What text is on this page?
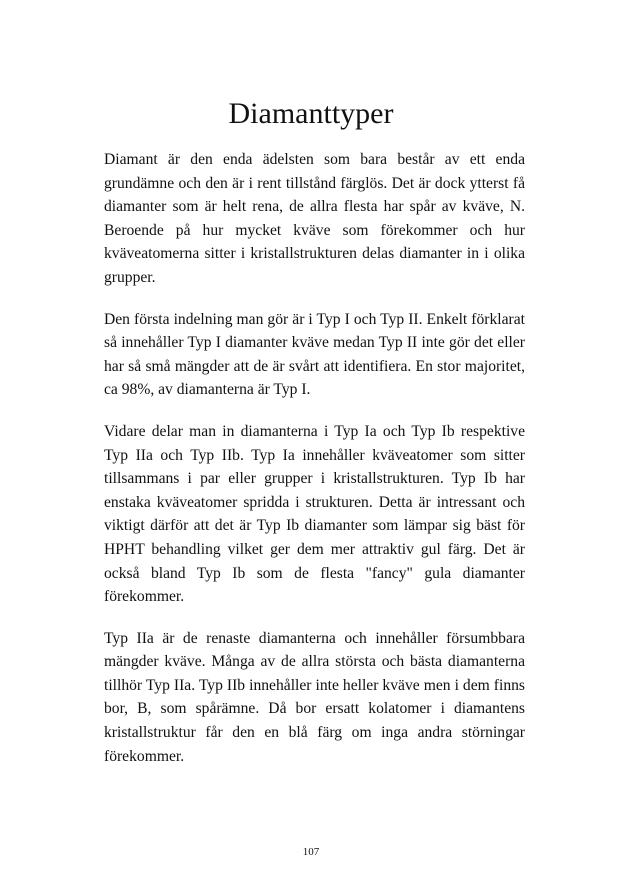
Diamanttyper

Diamant är den enda ädelsten som bara består av ett enda grundämne och den är i rent tillstånd färglös. Det är dock ytterst få diamanter som är helt rena, de allra flesta har spår av kväve, N. Beroende på hur mycket kväve som förekommer och hur kväveatomerna sitter i kristallstrukturen delas diamanter in i olika grupper.

Den första indelning man gör är i Typ I och Typ II. Enkelt förklarat så innehåller Typ I diamanter kväve medan Typ II inte gör det eller har så små mängder att de är svårt att identifiera. En stor majoritet, ca 98%, av diamanterna är Typ I.

Vidare delar man in diamanterna i Typ Ia och Typ Ib respektive Typ IIa och Typ IIb. Typ Ia innehåller kväveatomer som sitter tillsammans i par eller grupper i kristallstrukturen. Typ Ib har enstaka kväveatomer spridda i strukturen. Detta är intressant och viktigt därför att det är Typ Ib diamanter som lämpar sig bäst för HPHT behandling vilket ger dem mer attraktiv gul färg. Det är också bland Typ Ib som de flesta "fancy" gula diamanter förekommer.

Typ IIa är de renaste diamanterna och innehåller försumbbara mängder kväve. Många av de allra största och bästa diamanterna tillhör Typ IIa. Typ IIb innehåller inte heller kväve men i dem finns bor, B, som spårämne. Då bor ersatt kolatomer i diamantens kristallstruktur får den en blå färg om inga andra störningar förekommer.

107
